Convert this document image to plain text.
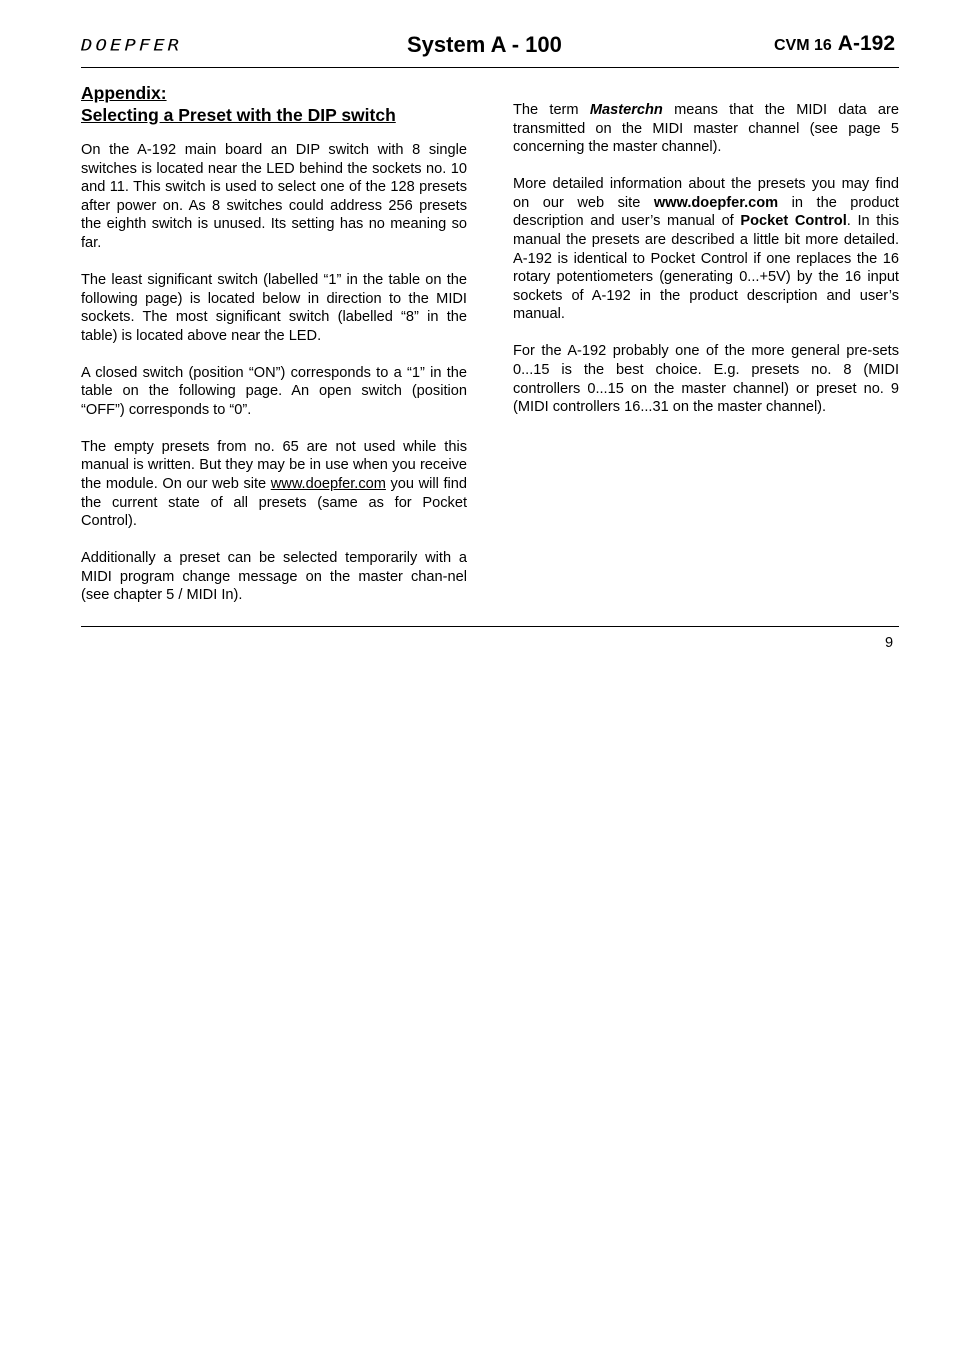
DOEPFER	System A - 100	CVM 16 A-192
Appendix:
Selecting a Preset with the DIP switch

On the A-192 main board an DIP switch with 8 single switches is located near the LED behind the sockets no. 10 and 11. This switch is used to select one of the 128 presets after power on. As 8 switches could address 256 presets the eighth switch is unused. Its setting has no meaning so far.

The least significant switch (labelled “1” in the table on the following page) is located below in direction to the MIDI sockets. The most significant switch (labelled “8” in the table) is located above near the LED.

A closed switch (position “ON”) corresponds to a “1” in the table on the following page. An open switch (position “OFF”) corresponds to “0”.

The empty presets from no. 65 are not used while this manual is written. But they may be in use when you receive the module. On our web site www.doepfer.com you will find the current state of all presets (same as for Pocket Control).

Additionally a preset can be selected temporarily with a MIDI program change message on the master chan-nel (see chapter 5 / MIDI In).

The term Masterchn means that the MIDI data are transmitted on the MIDI master channel (see page 5 concerning the master channel).

More detailed information about the presets you may find on our web site www.doepfer.com in the product description and user’s manual of Pocket Control. In this manual the presets are described a little bit more detailed. A-192 is identical to Pocket Control if one replaces the 16 rotary potentiometers (generating 0...+5V) by the 16 input sockets of A-192 in the product description and user’s manual.

For the A-192 probably one of the more general pre-sets 0...15 is the best choice. E.g. presets no. 8 (MIDI controllers 0...15 on the master channel) or preset no. 9 (MIDI controllers 16...31 on the master channel).

9
